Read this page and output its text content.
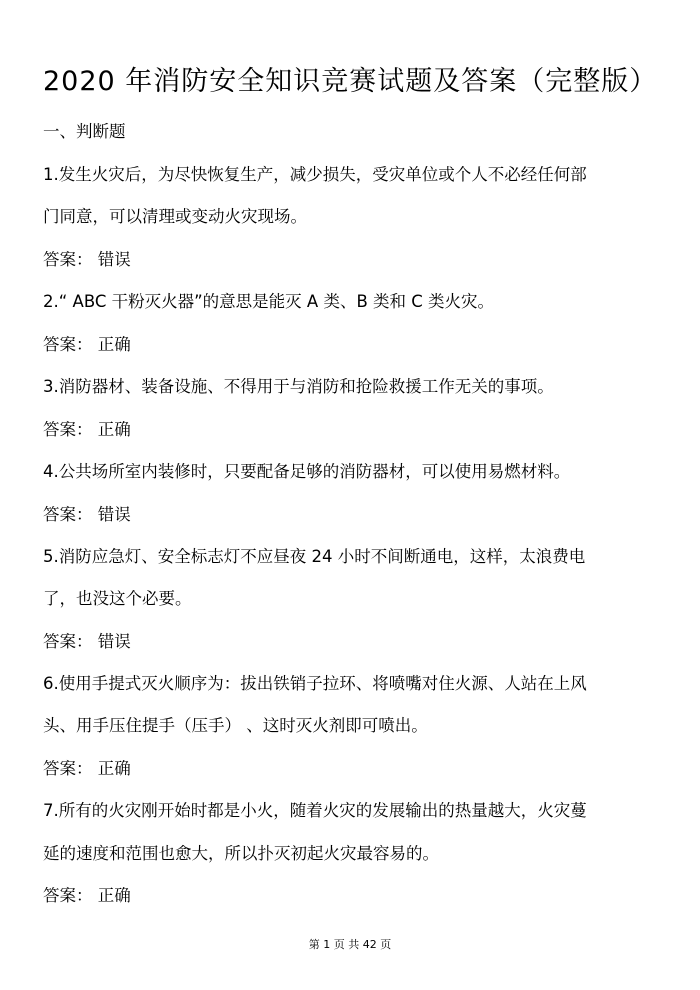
2020 年消防安全知识竞赛试题及答案（完整版）
一、判断题
1.发生火灾后，为尽快恢复生产，减少损失，受灾单位或个人不必经任何部
门同意，可以清理或变动火灾现场。
答案： 错误
2.“ ABC 干粉灭火器”的意思是能灭 A 类、B 类和 C 类火灾。
答案： 正确
3.消防器材、装备设施、不得用于与消防和抢险救援工作无关的事项。
答案： 正确
4.公共场所室内装修时，只要配备足够的消防器材，可以使用易燃材料。
答案： 错误
5.消防应急灯、安全标志灯不应昼夜 24 小时不间断通电，这样，太浪费电
了，也没这个必要。
答案： 错误
6.使用手提式灭火顺序为：拔出铁销子拉环、将喷嘴对住火源、人站在上风
头、用手压住提手（压手） 、这时灭火剂即可喷出。
答案： 正确
7.所有的火灾刚开始时都是小火，随着火灾的发展输出的热量越大，火灾蔓
延的速度和范围也愈大，所以扑灭初起火灾最容易的。
答案： 正确
第 1 页 共 42 页
